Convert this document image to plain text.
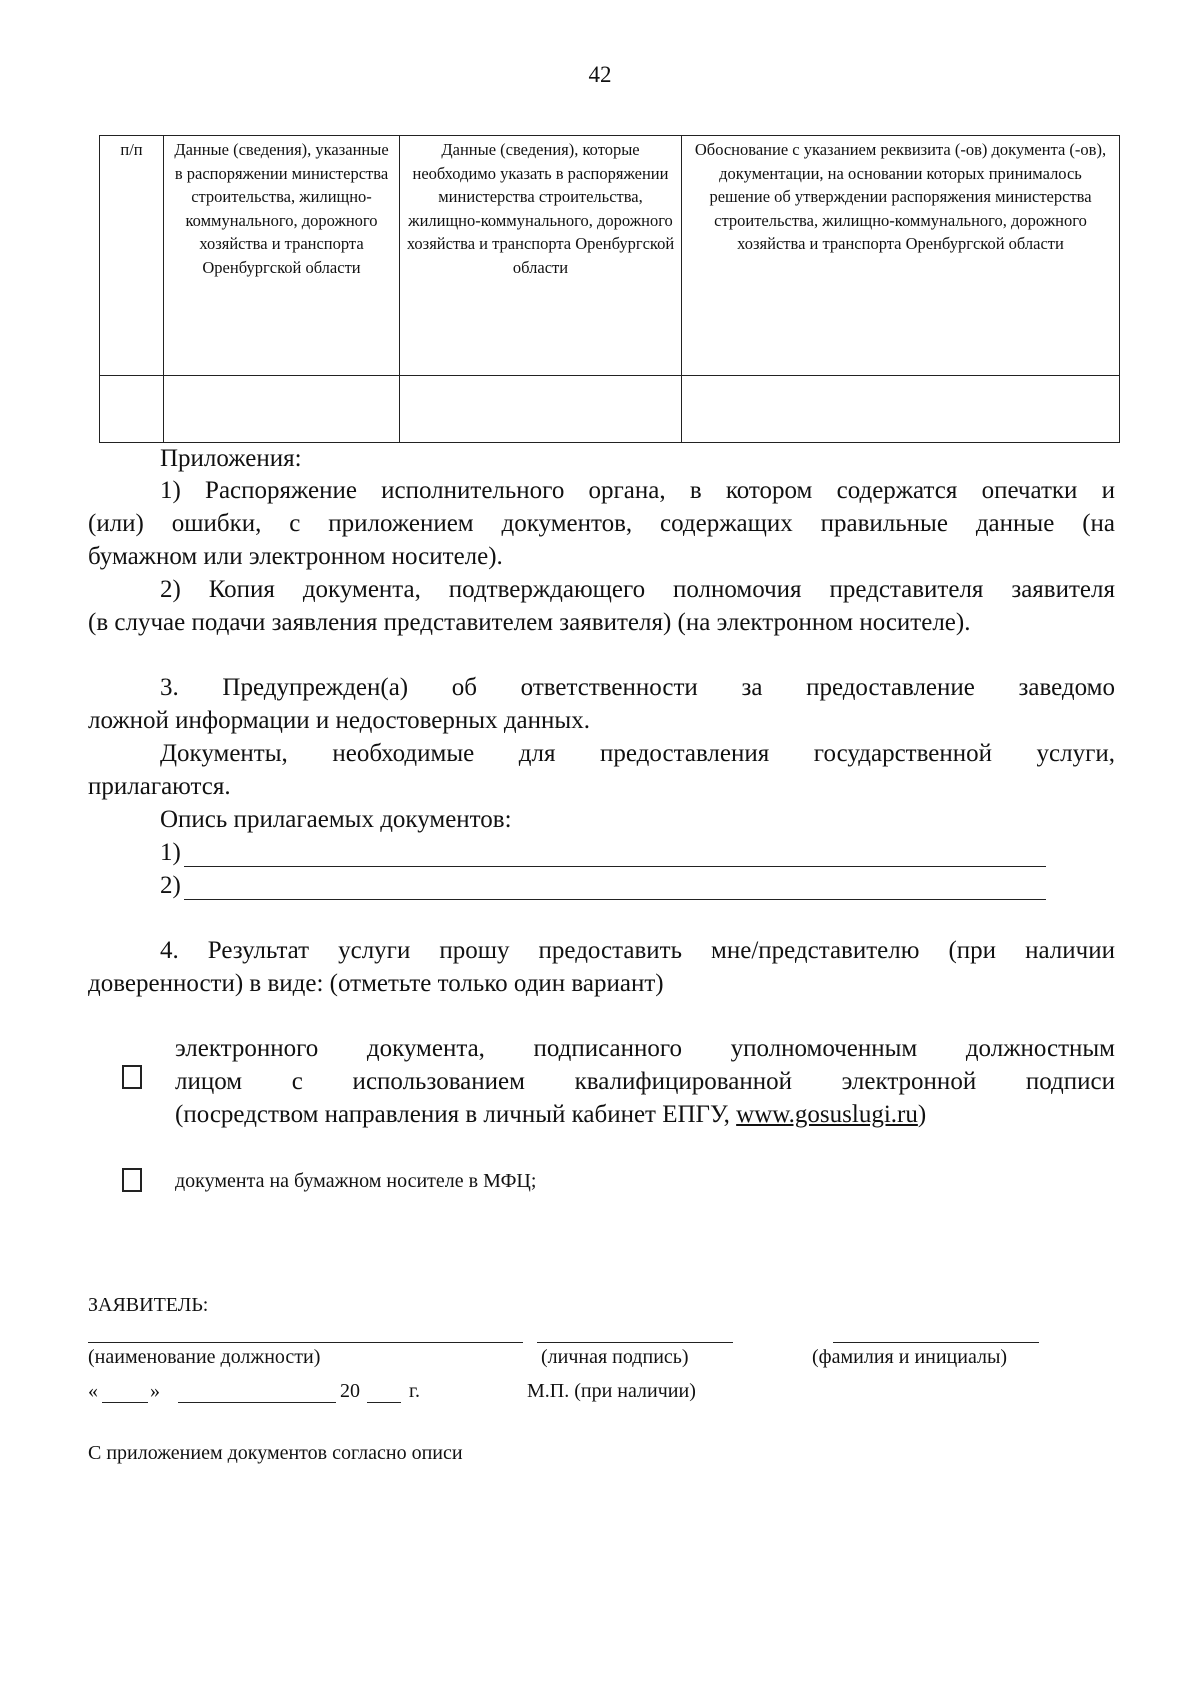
42
п/п	Данные (сведения), указанные в распоряжении министерства строительства, жилищно-коммунального, дорожного хозяйства и транспорта Оренбургской области	Данные (сведения), которые необходимо указать в распоряжении министерства строительства, жилищно-коммунального, дорожного хозяйства и транспорта Оренбургской области	Обоснование с указанием реквизита (-ов) документа (-ов), документации, на основании которых принималось решение об утверждении распоряжения министерства строительства, жилищно-коммунального, дорожного хозяйства и транспорта Оренбургской области

Приложения:
1) Распоряжение исполнительного органа, в котором содержатся опечатки и
(или) ошибки, с приложением документов, содержащих правильные данные (на
бумажном или электронном носителе).
2) Копия документа, подтверждающего полномочия представителя заявителя
(в случае подачи заявления представителем заявителя) (на электронном носителе).
3. Предупрежден(а) об ответственности за предоставление заведомо
ложной информации и недостоверных данных.
Документы, необходимые для предоставления государственной услуги,
прилагаются.
Опись прилагаемых документов:
1)
2)
4. Результат услуги прошу предоставить мне/представителю (при наличии
доверенности) в виде: (отметьте только один вариант)
электронного документа, подписанного уполномоченным должностным
лицом с использованием квалифицированной электронной подписи
(посредством направления в личный кабинет ЕПГУ, www.gosuslugi.ru)
документа на бумажном носителе в МФЦ;
ЗАЯВИТЕЛЬ:
(наименование должности)	(личная подпись)	(фамилия и инициалы)
«	»	20 г.	М.П. (при наличии)
С приложением документов согласно описи
